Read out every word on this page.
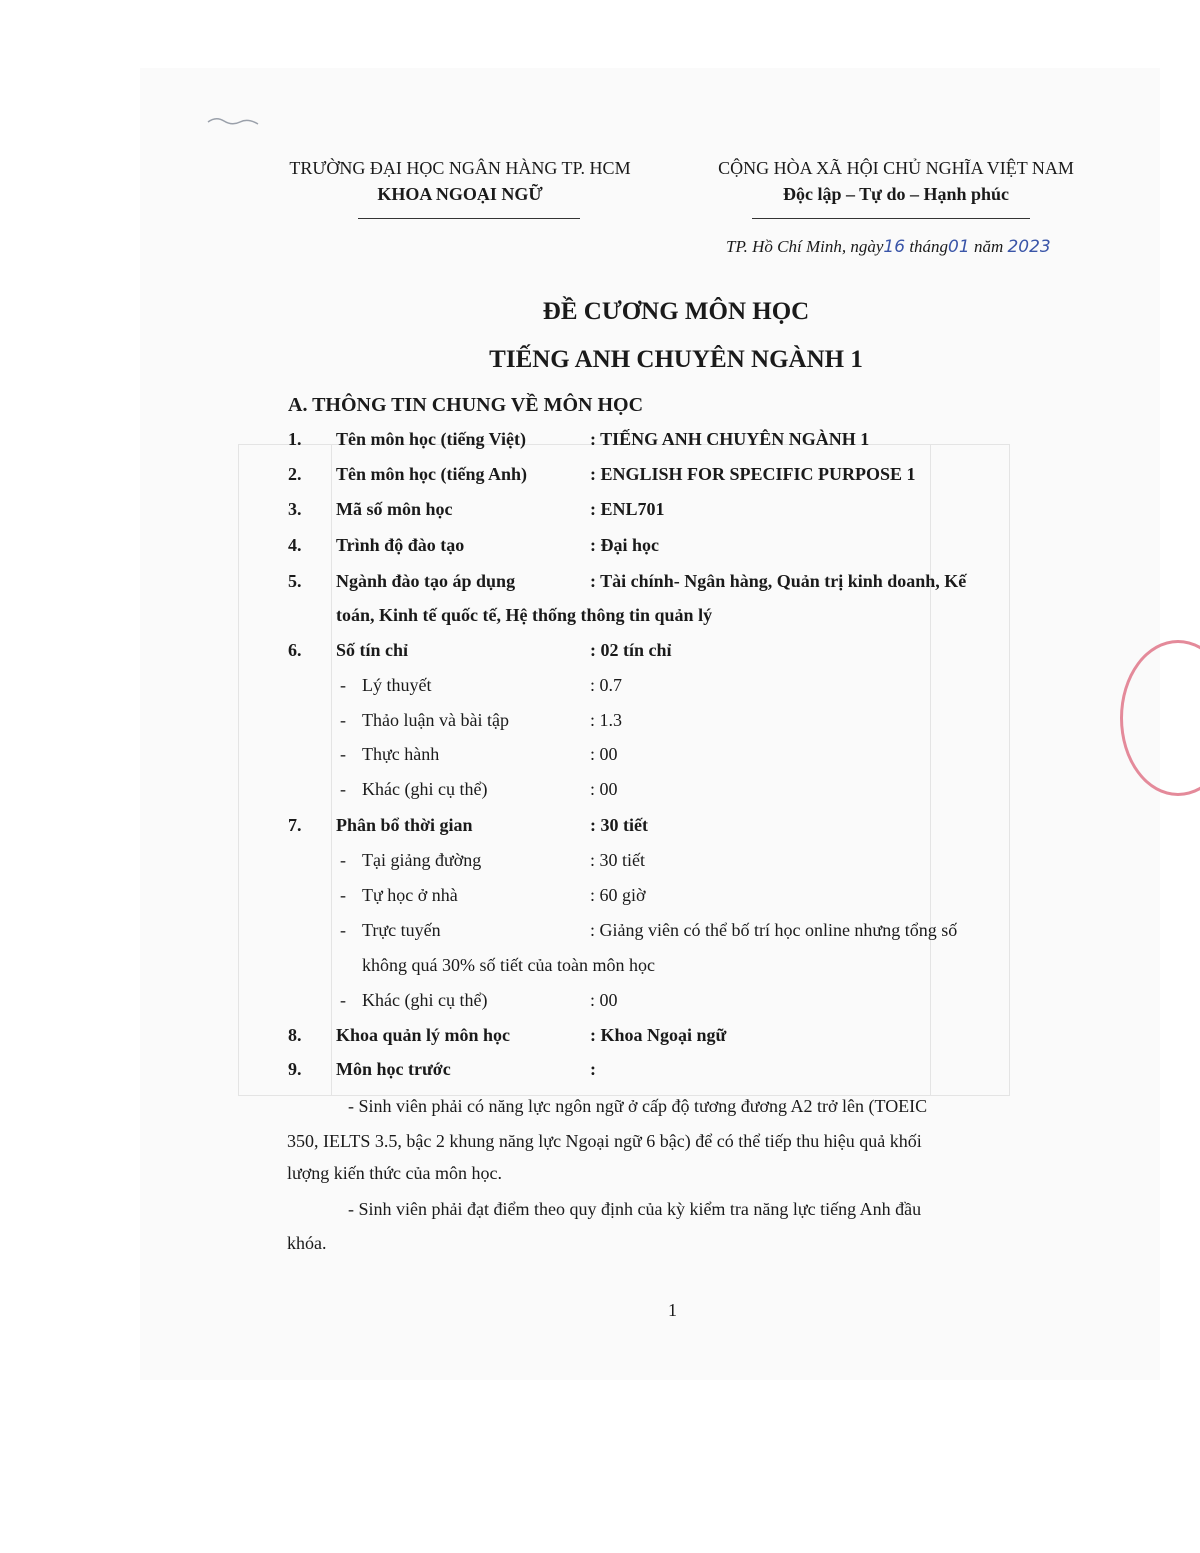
TRƯỜNG ĐẠI HỌC NGÂN HÀNG TP. HCM
KHOA NGOẠI NGỮ
CỘNG HÒA XÃ HỘI CHỦ NGHĨA VIỆT NAM
Độc lập – Tự do – Hạnh phúc
TP. Hồ Chí Minh, ngày16 tháng01 năm 2023
ĐỀ CƯƠNG MÔN HỌC
TIẾNG ANH CHUYÊN NGÀNH 1
A. THÔNG TIN CHUNG VỀ MÔN HỌC
1. Tên môn học (tiếng Việt)	: TIẾNG ANH CHUYÊN NGÀNH 1
2. Tên môn học (tiếng Anh)	: ENGLISH FOR SPECIFIC PURPOSE 1
3. Mã số môn học	: ENL701
4. Trình độ đào tạo	: Đại học
5. Ngành đào tạo áp dụng	: Tài chính- Ngân hàng, Quản trị kinh doanh, Kế
toán, Kinh tế quốc tế, Hệ thống thông tin quản lý
6. Số tín chỉ	: 02 tín chỉ
- Lý thuyết	: 0.7
- Thảo luận và bài tập	: 1.3
- Thực hành	: 00
- Khác (ghi cụ thể)	: 00
7. Phân bổ thời gian	: 30 tiết
- Tại giảng đường	: 30 tiết
- Tự học ở nhà	: 60 giờ
- Trực tuyến	: Giảng viên có thể bố trí học online nhưng tổng số
không quá 30% số tiết của toàn môn học
- Khác (ghi cụ thể)	: 00
8. Khoa quản lý môn học	: Khoa Ngoại ngữ
9. Môn học trước	:
- Sinh viên phải có năng lực ngôn ngữ ở cấp độ tương đương A2 trở lên (TOEIC
350, IELTS 3.5, bậc 2 khung năng lực Ngoại ngữ 6 bậc) để có thể tiếp thu hiệu quả khối
lượng kiến thức của môn học.
- Sinh viên phải đạt điểm theo quy định của kỳ kiểm tra năng lực tiếng Anh đầu
khóa.
1
